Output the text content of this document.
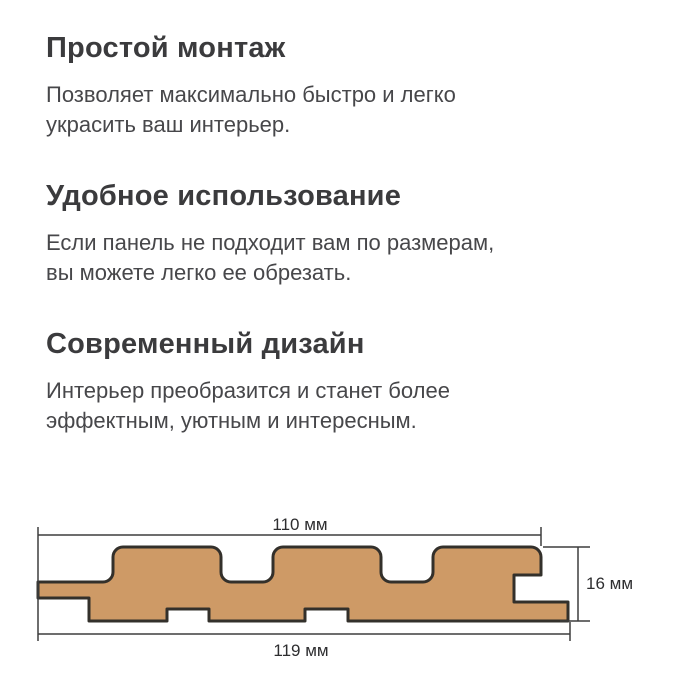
Простой монтаж

Позволяет максимально быстро и легко
украсить ваш интерьер.

Удобное использование

Если панель не подходит вам по размерам,
вы можете легко ее обрезать.

Современный дизайн

Интерьер преобразится и станет более
эффектным, уютным и интересным.

110 мм
16 мм
119 мм
